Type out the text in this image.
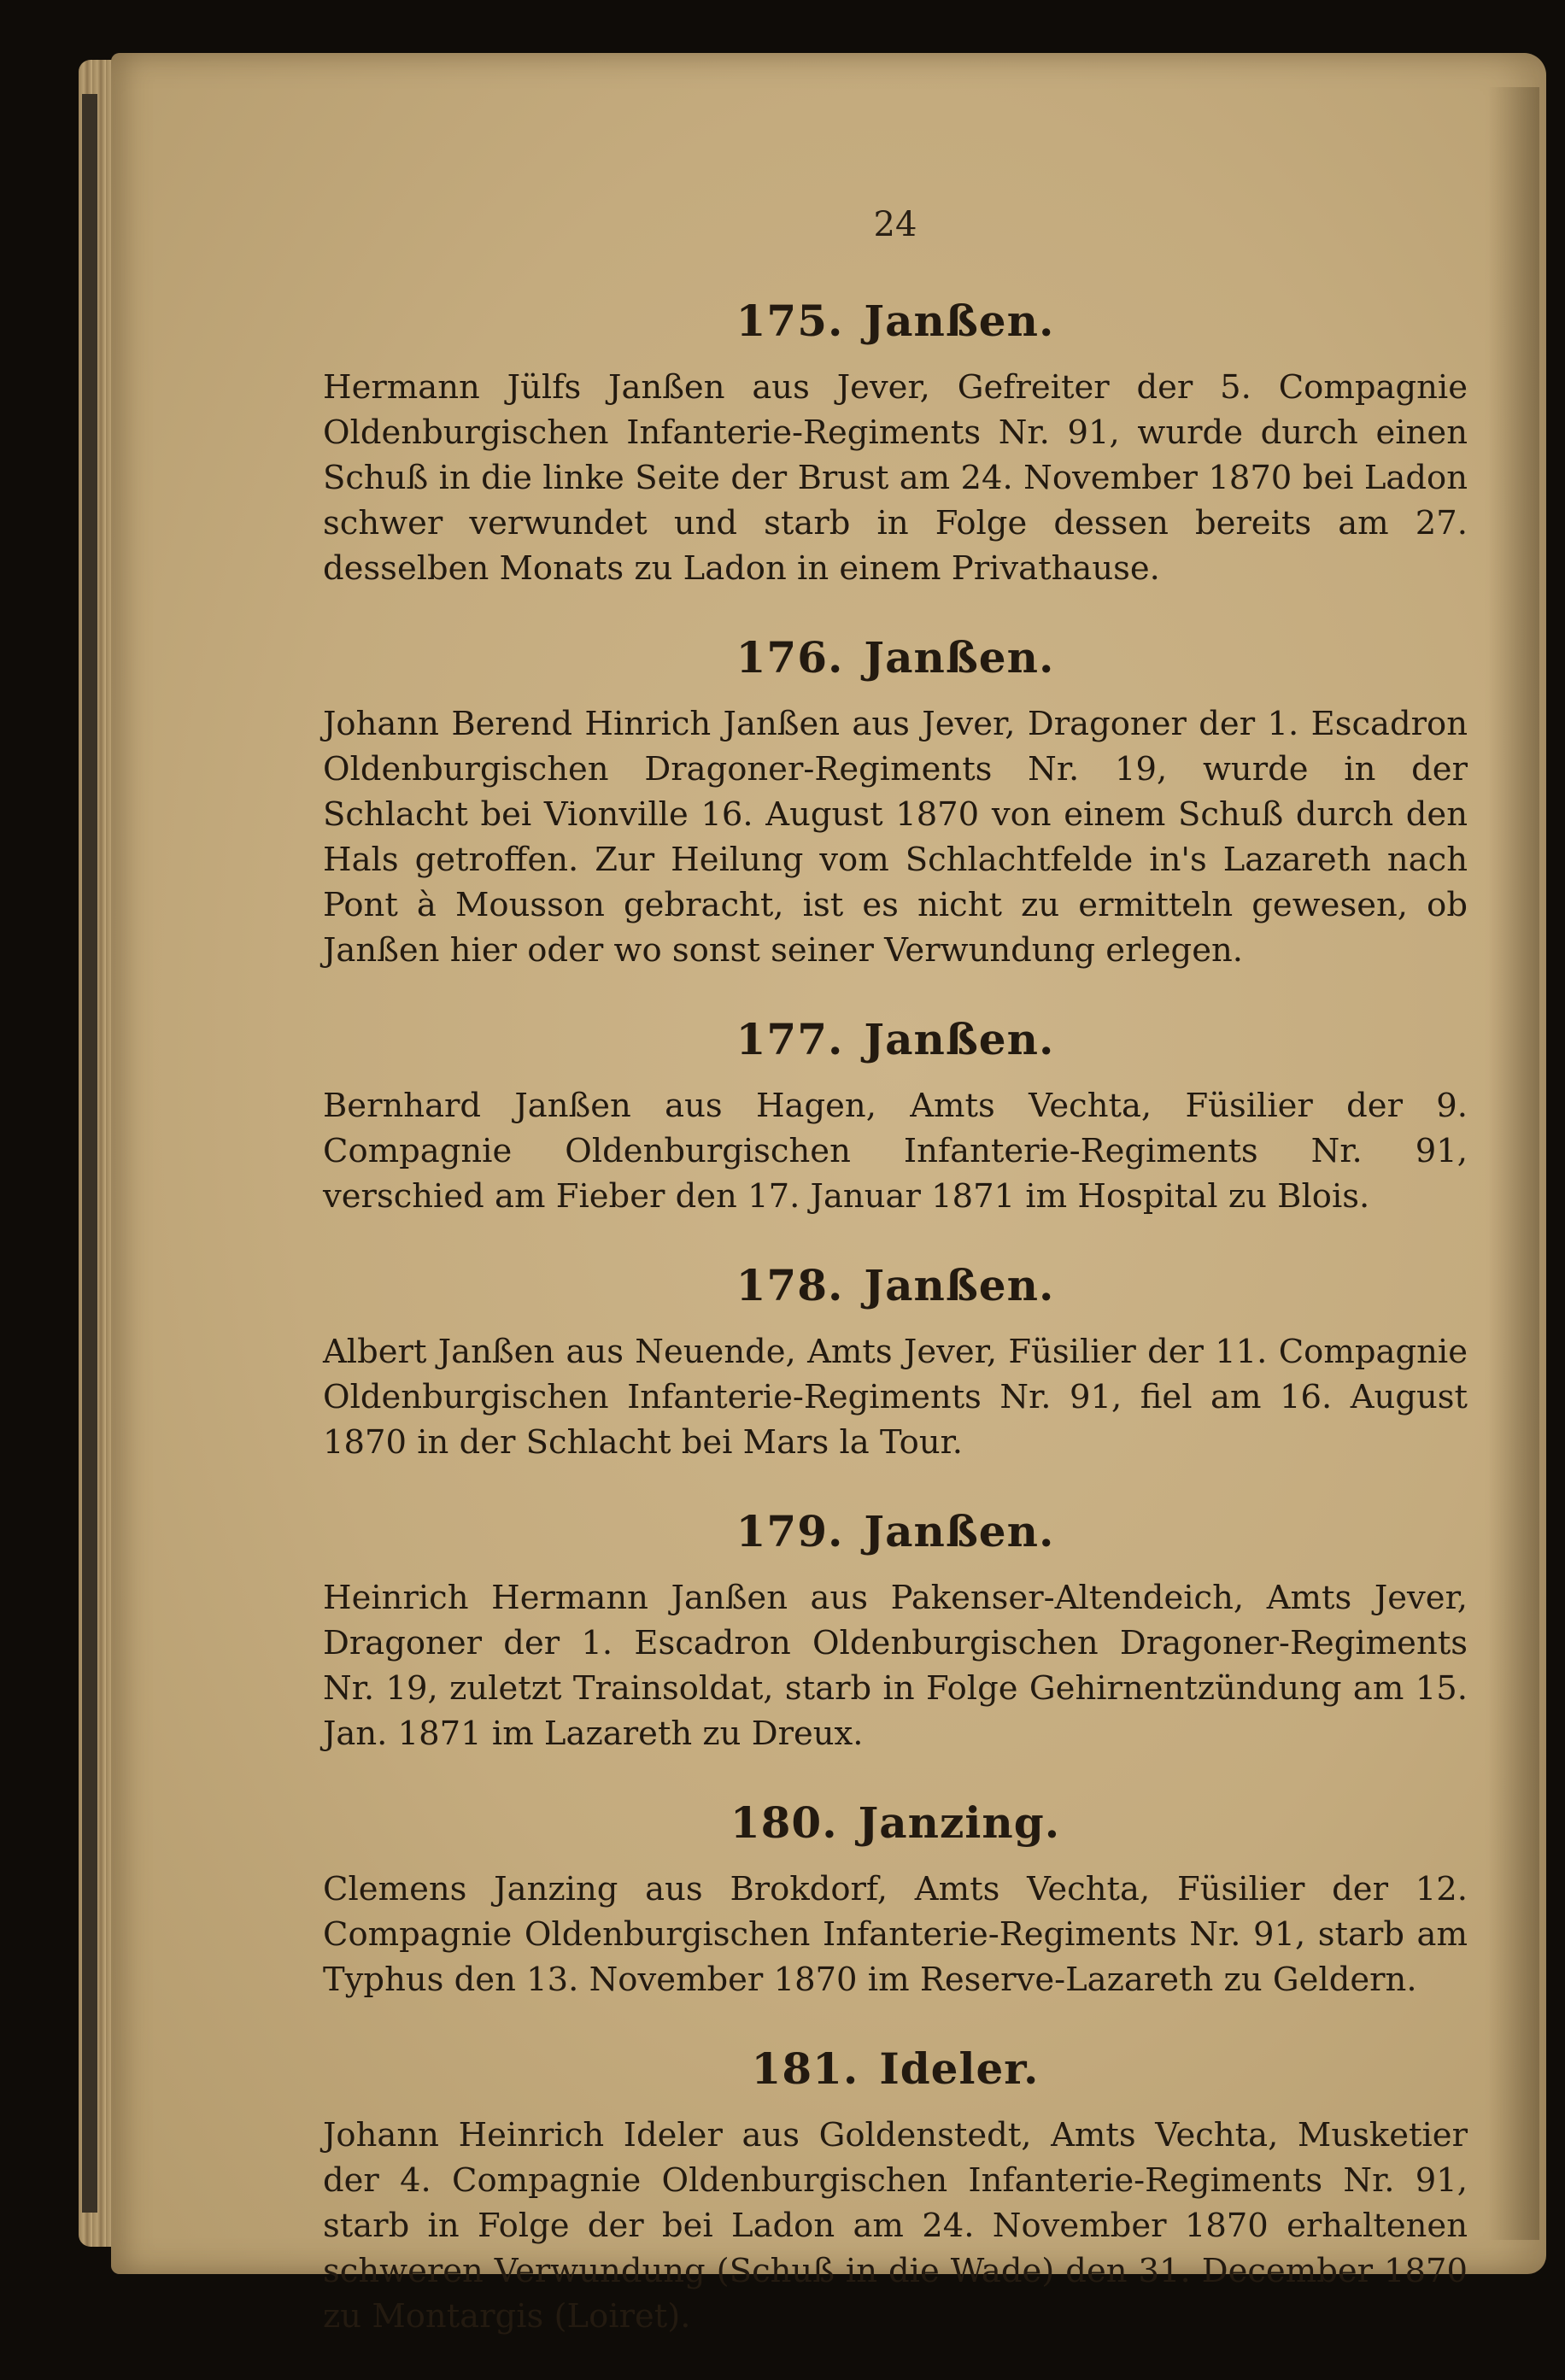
24
175. Janßen.

Hermann Jülfs Janßen aus Jever, Gefreiter der 5. Compagnie Oldenburgischen Infanterie-Regiments Nr. 91, wurde durch einen Schuß in die linke Seite der Brust am 24. November 1870 bei Ladon schwer verwundet und starb in Folge dessen bereits am 27. desselben Monats zu Ladon in einem Privathause.

176. Janßen.

Johann Berend Hinrich Janßen aus Jever, Dragoner der 1. Escadron Oldenburgischen Dragoner-Regiments Nr. 19, wurde in der Schlacht bei Vionville 16. August 1870 von einem Schuß durch den Hals getroffen. Zur Heilung vom Schlachtfelde in's Lazareth nach Pont à Mousson gebracht, ist es nicht zu ermitteln gewesen, ob Janßen hier oder wo sonst seiner Verwundung erlegen.

177. Janßen.

Bernhard Janßen aus Hagen, Amts Vechta, Füsilier der 9. Compagnie Oldenburgischen Infanterie-Regiments Nr. 91, verschied am Fieber den 17. Januar 1871 im Hospital zu Blois.

178. Janßen.

Albert Janßen aus Neuende, Amts Jever, Füsilier der 11. Compagnie Oldenburgischen Infanterie-Regiments Nr. 91, fiel am 16. August 1870 in der Schlacht bei Mars la Tour.

179. Janßen.

Heinrich Hermann Janßen aus Pakenser-Altendeich, Amts Jever, Dragoner der 1. Escadron Oldenburgischen Dragoner-Regiments Nr. 19, zuletzt Trainsoldat, starb in Folge Gehirnentzündung am 15. Jan. 1871 im Lazareth zu Dreux.

180. Janzing.

Clemens Janzing aus Brokdorf, Amts Vechta, Füsilier der 12. Compagnie Oldenburgischen Infanterie-Regiments Nr. 91, starb am Typhus den 13. November 1870 im Reserve-Lazareth zu Geldern.

181. Ideler.

Johann Heinrich Ideler aus Goldenstedt, Amts Vechta, Musketier der 4. Compagnie Oldenburgischen Infanterie-Regiments Nr. 91, starb in Folge der bei Ladon am 24. November 1870 erhaltenen schweren Verwundung (Schuß in die Wade) den 31. December 1870 zu Montargis (Loiret).
